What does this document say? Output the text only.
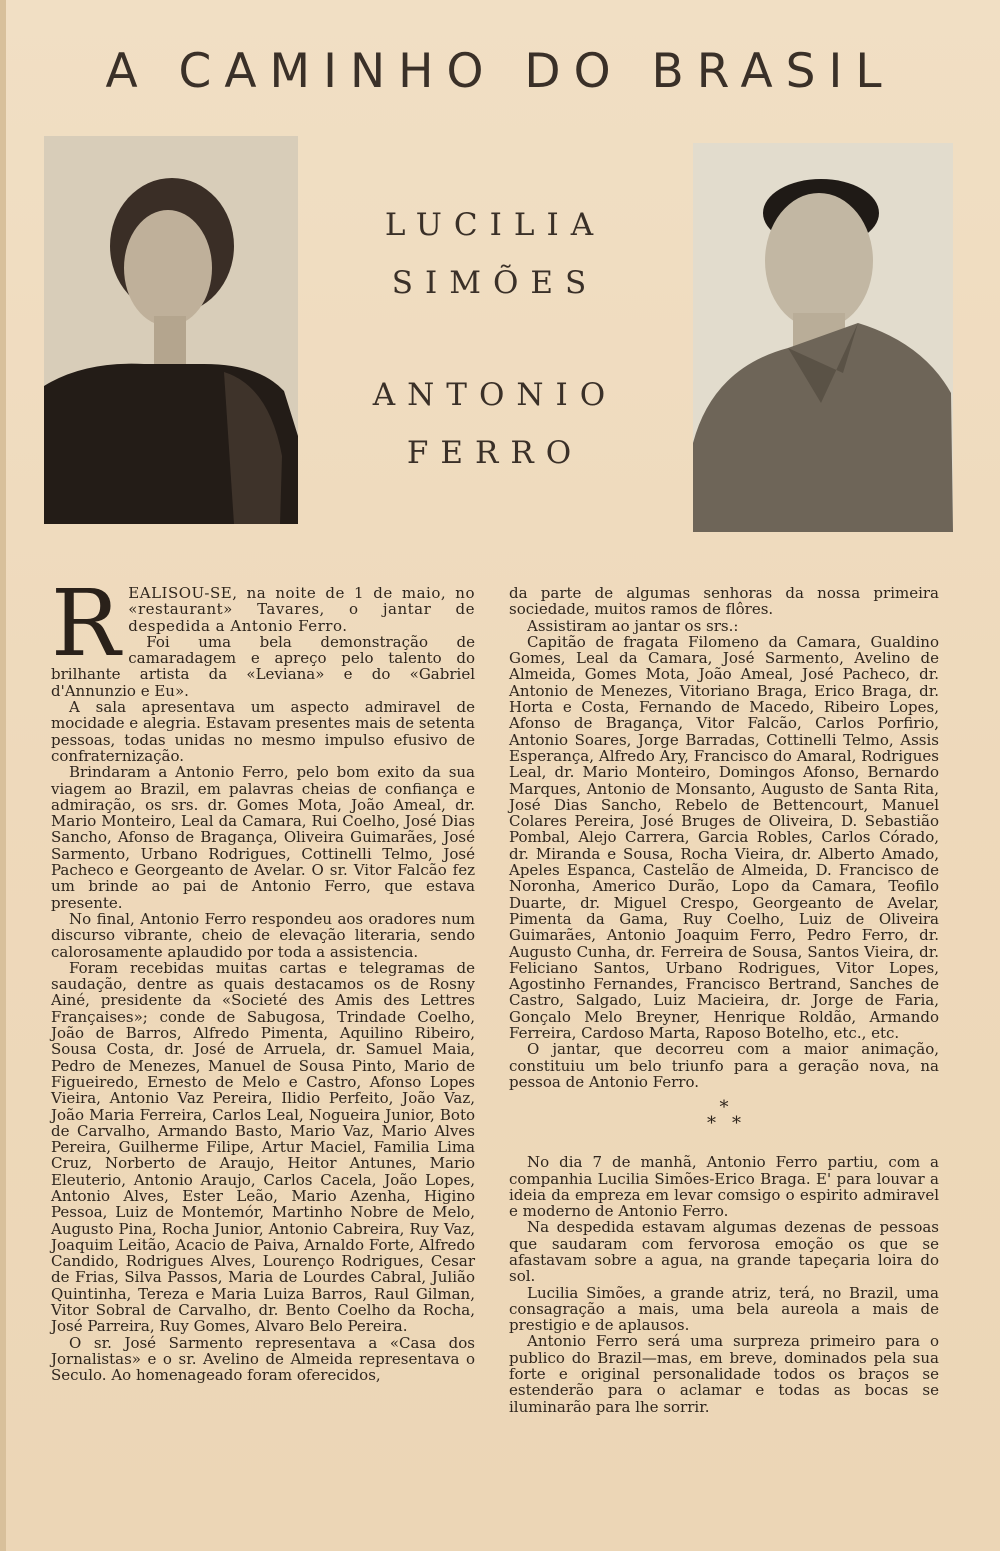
A CAMINHO DO BRASIL
LUCILIA
SIMÕES
ANTONIO
FERRO

REALISOU-SE, na noite de 1 de maio, no «restaurant» Tavares, o jantar de despedida a Antonio Ferro.

Foi uma bela demonstração de camaradagem e apreço pelo talento do brilhante artista da «Leviana» e do «Gabriel d'Annunzio e Eu».

A sala apresentava um aspecto admiravel de mocidade e alegria. Estavam presentes mais de setenta pessoas, todas unidas no mesmo impulso efusivo de confraternização.

Brindaram a Antonio Ferro, pelo bom exito da sua viagem ao Brazil, em palavras cheias de confiança e admiração, os srs. dr. Gomes Mota, João Ameal, dr. Mario Monteiro, Leal da Camara, Rui Coelho, José Dias Sancho, Afonso de Bragança, Oliveira Guimarães, José Sarmento, Urbano Rodrigues, Cottinelli Telmo, José Pacheco e Georgeanto de Avelar. O sr. Vitor Falcão fez um brinde ao pai de Antonio Ferro, que estava presente.

No final, Antonio Ferro respondeu aos oradores num discurso vibrante, cheio de elevação literaria, sendo calorosamente aplaudido por toda a assistencia.

Foram recebidas muitas cartas e telegramas de saudação, dentre as quais destacamos os de Rosny Ainé, presidente da «Societé des Amis des Lettres Françaises»; conde de Sabugosa, Trindade Coelho, João de Barros, Alfredo Pimenta, Aquilino Ribeiro, Sousa Costa, dr. José de Arruela, dr. Samuel Maia, Pedro de Menezes, Manuel de Sousa Pinto, Mario de Figueiredo, Ernesto de Melo e Castro, Afonso Lopes Vieira, Antonio Vaz Pereira, Ilidio Perfeito, João Vaz, João Maria Ferreira, Carlos Leal, Nogueira Junior, Boto de Carvalho, Armando Basto, Mario Vaz, Mario Alves Pereira, Guilherme Filipe, Artur Maciel, Familia Lima Cruz, Norberto de Araujo, Heitor Antunes, Mario Eleuterio, Antonio Araujo, Carlos Cacela, João Lopes, Antonio Alves, Ester Leão, Mario Azenha, Higino Pessoa, Luiz de Montemór, Martinho Nobre de Melo, Augusto Pina, Rocha Junior, Antonio Cabreira, Ruy Vaz, Joaquim Leitão, Acacio de Paiva, Arnaldo Forte, Alfredo Candido, Rodrigues Alves, Lourenço Rodrigues, Cesar de Frias, Silva Passos, Maria de Lourdes Cabral, Julião Quintinha, Tereza e Maria Luiza Barros, Raul Gilman, Vitor Sobral de Carvalho, dr. Bento Coelho da Rocha, José Parreira, Ruy Gomes, Alvaro Belo Pereira.

O sr. José Sarmento representava a «Casa dos Jornalistas» e o sr. Avelino de Almeida representava o Seculo. Ao homenageado foram oferecidos,

da parte de algumas senhoras da nossa primeira sociedade, muitos ramos de flôres.

Assistiram ao jantar os srs.:

Capitão de fragata Filomeno da Camara, Gualdino Gomes, Leal da Camara, José Sarmento, Avelino de Almeida, Gomes Mota, João Ameal, José Pacheco, dr. Antonio de Menezes, Vitoriano Braga, Erico Braga, dr. Horta e Costa, Fernando de Macedo, Ribeiro Lopes, Afonso de Bragança, Vitor Falcão, Carlos Porfirio, Antonio Soares, Jorge Barradas, Cottinelli Telmo, Assis Esperança, Alfredo Ary, Francisco do Amaral, Rodrigues Leal, dr. Mario Monteiro, Domingos Afonso, Bernardo Marques, Antonio de Monsanto, Augusto de Santa Rita, José Dias Sancho, Rebelo de Bettencourt, Manuel Colares Pereira, José Bruges de Oliveira, D. Sebastião Pombal, Alejo Carrera, Garcia Robles, Carlos Córado, dr. Miranda e Sousa, Rocha Vieira, dr. Alberto Amado, Apeles Espanca, Castelão de Almeida, D. Francisco de Noronha, Americo Durão, Lopo da Camara, Teofilo Duarte, dr. Miguel Crespo, Georgeanto de Avelar, Pimenta da Gama, Ruy Coelho, Luiz de Oliveira Guimarães, Antonio Joaquim Ferro, Pedro Ferro, dr. Augusto Cunha, dr. Ferreira de Sousa, Santos Vieira, dr. Feliciano Santos, Urbano Rodrigues, Vitor Lopes, Agostinho Fernandes, Francisco Bertrand, Sanches de Castro, Salgado, Luiz Macieira, dr. Jorge de Faria, Gonçalo Melo Breyner, Henrique Roldão, Armando Ferreira, Cardoso Marta, Raposo Botelho, etc., etc.

O jantar, que decorreu com a maior animação, constituiu um belo triunfo para a geração nova, na pessoa de Antonio Ferro.

*
**

No dia 7 de manhã, Antonio Ferro partiu, com a companhia Lucilia Simões-Erico Braga. E' para louvar a ideia da empreza em levar comsigo o espirito admiravel e moderno de Antonio Ferro.

Na despedida estavam algumas dezenas de pessoas que saudaram com fervorosa emoção os que se afastavam sobre a agua, na grande tapeçaria loira do sol.

Lucilia Simões, a grande atriz, terá, no Brazil, uma consagração a mais, uma bela aureola a mais de prestigio e de aplausos.

Antonio Ferro será uma surpreza primeiro para o publico do Brazil—mas, em breve, dominados pela sua forte e original personalidade todos os braços se estenderão para o aclamar e todas as bocas se iluminarão para lhe sorrir.
